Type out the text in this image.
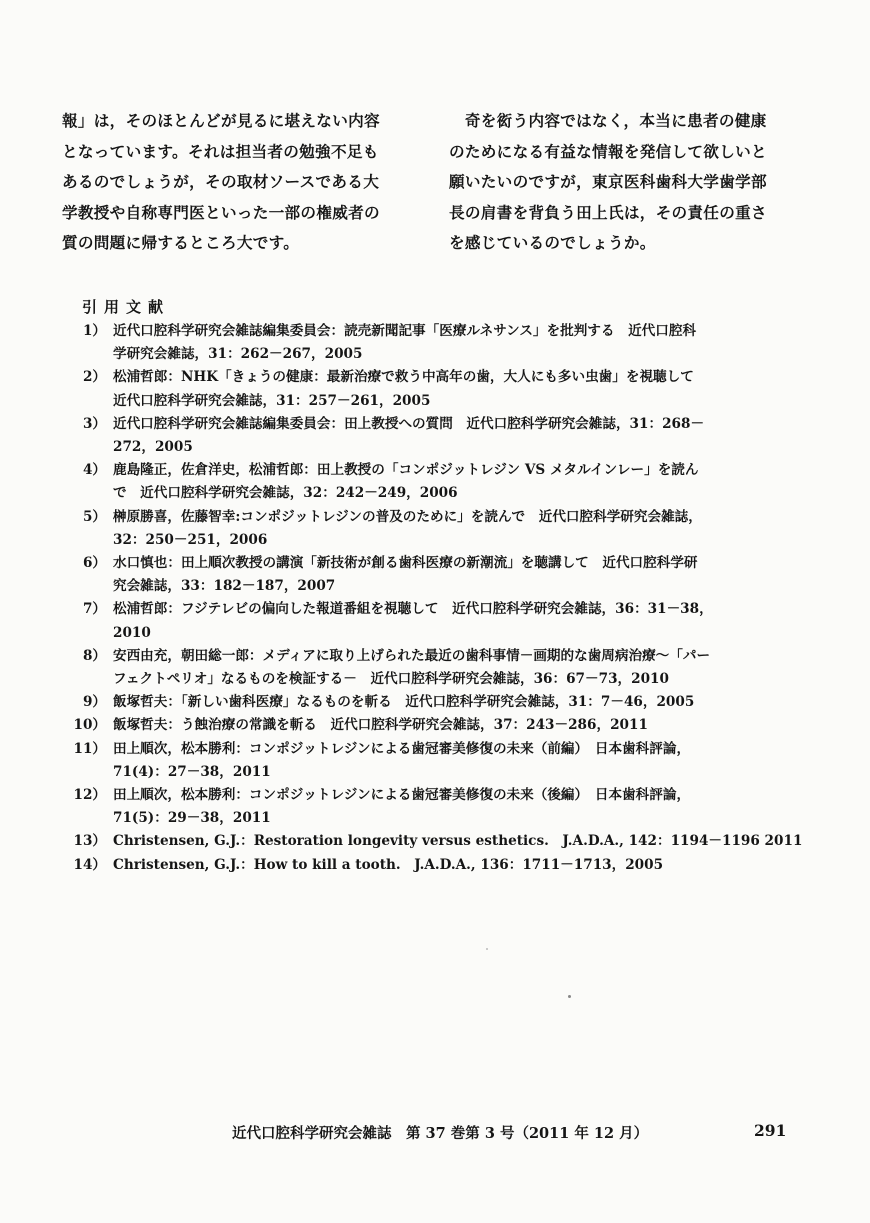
報」は，そのほとんどが見るに堪えない内容

となっています。それは担当者の勉強不足も

あるのでしょうが，その取材ソースである大

学教授や自称専門医といった一部の権威者の

質の問題に帰するところ大です。

　奇を衒う内容ではなく，本当に患者の健康

のためになる有益な情報を発信して欲しいと

願いたいのですが，東京医科歯科大学歯学部

長の肩書を背負う田上氏は，その責任の重さ

を感じているのでしょうか。

引用文献
1） 近代口腔科学研究会雑誌編集委員会：読売新聞記事「医療ルネサンス」を批判する　近代口腔科
学研究会雑誌，31：262－267，2005
2） 松浦哲郎：NHK「きょうの健康：最新治療で救う中高年の歯，大人にも多い虫歯」を視聴して
近代口腔科学研究会雑誌，31：257－261，2005
3） 近代口腔科学研究会雑誌編集委員会：田上教授への質問　近代口腔科学研究会雑誌，31：268－
272，2005
4） 鹿島隆正，佐倉洋史，松浦哲郎：田上教授の「コンポジットレジン VS メタルインレー」を読ん
で　近代口腔科学研究会雑誌，32：242－249，2006
5） 榊原勝喜，佐藤智幸:コンポジットレジンの普及のために」を読んで　近代口腔科学研究会雑誌，
32：250－251，2006
6） 水口慎也：田上順次教授の講演「新技術が創る歯科医療の新潮流」を聴講して　近代口腔科学研
究会雑誌，33：182－187，2007
7） 松浦哲郎：フジテレビの偏向した報道番組を視聴して　近代口腔科学研究会雑誌，36：31－38，
2010
8） 安西由充，朝田総一郎：メディアに取り上げられた最近の歯科事情－画期的な歯周病治療～「パー
フェクトペリオ」なるものを検証する－　近代口腔科学研究会雑誌，36：67－73，2010
9） 飯塚哲夫：「新しい歯科医療」なるものを斬る　近代口腔科学研究会雑誌，31：7－46，2005
10） 飯塚哲夫：う蝕治療の常識を斬る　近代口腔科学研究会雑誌，37：243－286，2011
11） 田上順次，松本勝利：コンポジットレジンによる歯冠審美修復の未来（前編）　日本歯科評論，
71(4)：27－38，2011
12） 田上順次，松本勝利：コンポジットレジンによる歯冠審美修復の未来（後編）　日本歯科評論，
71(5)：29－38，2011
13） Christensen, G.J.：Restoration longevity versus esthetics.　J.A.D.A., 142：1194－1196 2011
14） Christensen, G.J.：How to kill a tooth.　J.A.D.A., 136：1711－1713，2005
近代口腔科学研究会雑誌　第 37 巻第 3 号（2011 年 12 月）	291
